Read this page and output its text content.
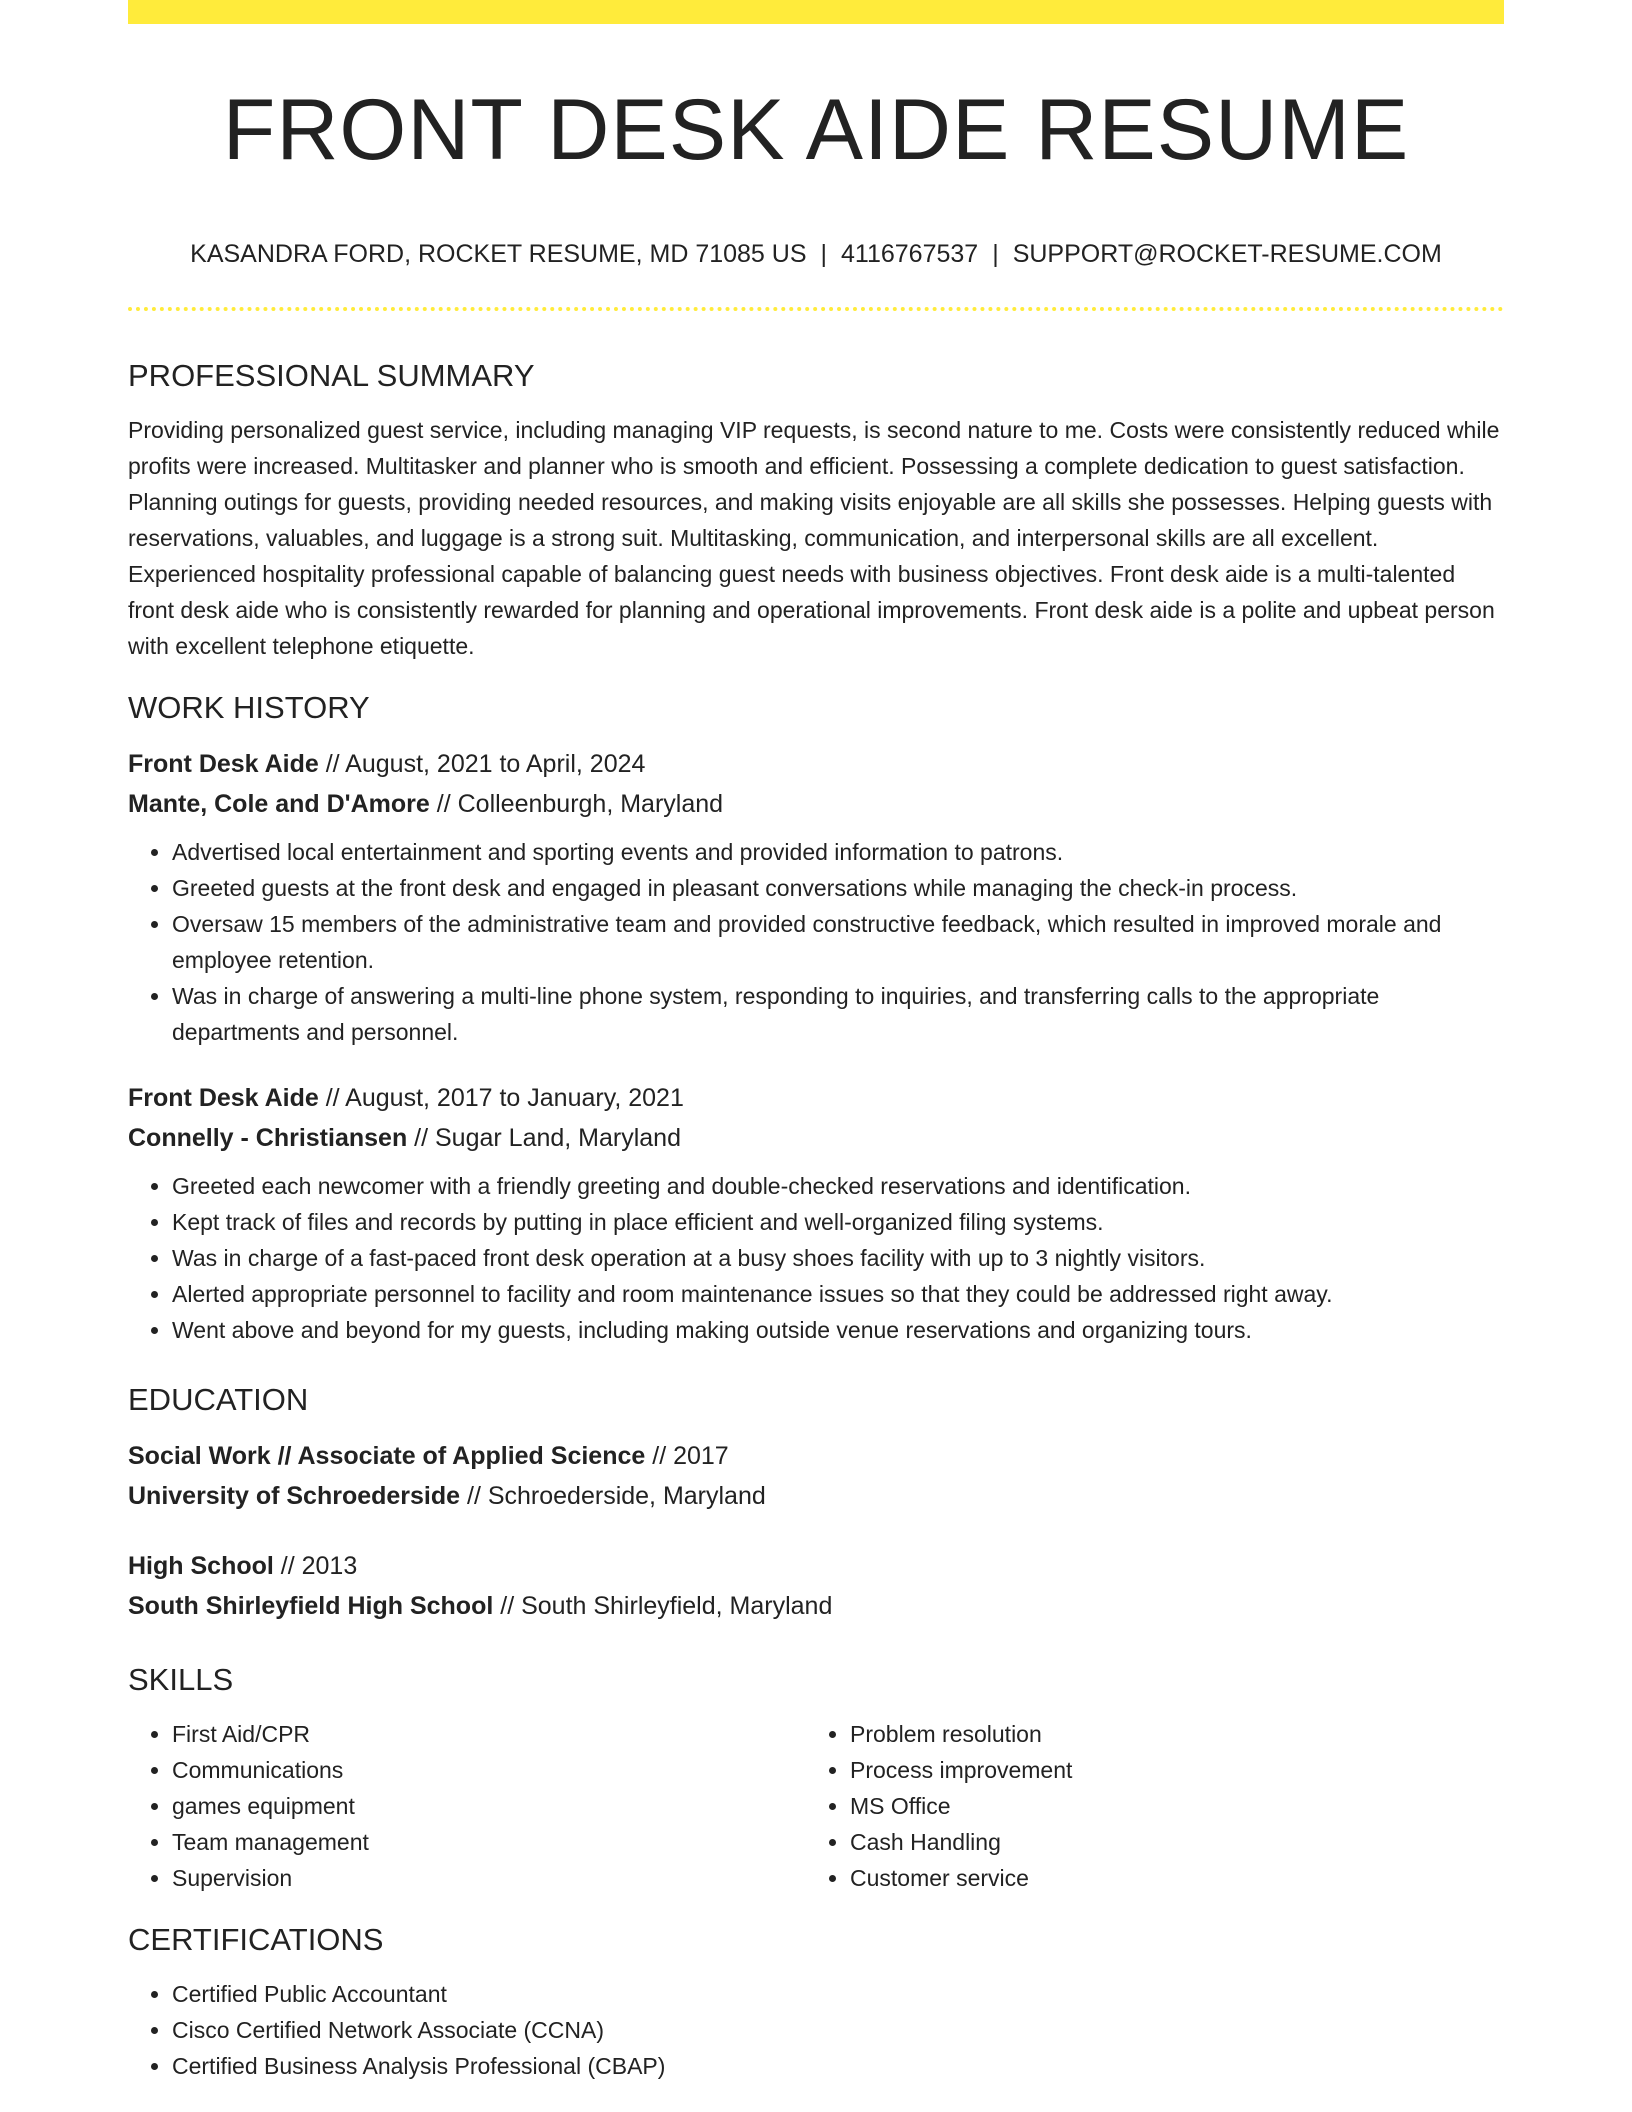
FRONT DESK AIDE RESUME
KASANDRA FORD, ROCKET RESUME, MD 71085 US | 4116767537 | SUPPORT@ROCKET-RESUME.COM
PROFESSIONAL SUMMARY

Providing personalized guest service, including managing VIP requests, is second nature to me. Costs were consistently reduced while profits were increased. Multitasker and planner who is smooth and efficient. Possessing a complete dedication to guest satisfaction. Planning outings for guests, providing needed resources, and making visits enjoyable are all skills she possesses. Helping guests with reservations, valuables, and luggage is a strong suit. Multitasking, communication, and interpersonal skills are all excellent. Experienced hospitality professional capable of balancing guest needs with business objectives. Front desk aide is a multi-talented front desk aide who is consistently rewarded for planning and operational improvements. Front desk aide is a polite and upbeat person with excellent telephone etiquette.

WORK HISTORY
Front Desk Aide // August, 2021 to April, 2024
Mante, Cole and D'Amore // Colleenburgh, Maryland
• Advertised local entertainment and sporting events and provided information to patrons.
• Greeted guests at the front desk and engaged in pleasant conversations while managing the check-in process.
• Oversaw 15 members of the administrative team and provided constructive feedback, which resulted in improved morale and employee retention.
• Was in charge of answering a multi-line phone system, responding to inquiries, and transferring calls to the appropriate departments and personnel.
Front Desk Aide // August, 2017 to January, 2021
Connelly - Christiansen // Sugar Land, Maryland
• Greeted each newcomer with a friendly greeting and double-checked reservations and identification.
• Kept track of files and records by putting in place efficient and well-organized filing systems.
• Was in charge of a fast-paced front desk operation at a busy shoes facility with up to 3 nightly visitors.
• Alerted appropriate personnel to facility and room maintenance issues so that they could be addressed right away.
• Went above and beyond for my guests, including making outside venue reservations and organizing tours.
EDUCATION
Social Work // Associate of Applied Science // 2017
University of Schroederside // Schroederside, Maryland
High School // 2013
South Shirleyfield High School // South Shirleyfield, Maryland
SKILLS
• First Aid/CPR
• Communications
• games equipment
• Team management
• Supervision
• Problem resolution
• Process improvement
• MS Office
• Cash Handling
• Customer service
CERTIFICATIONS
• Certified Public Accountant
• Cisco Certified Network Associate (CCNA)
• Certified Business Analysis Professional (CBAP)
